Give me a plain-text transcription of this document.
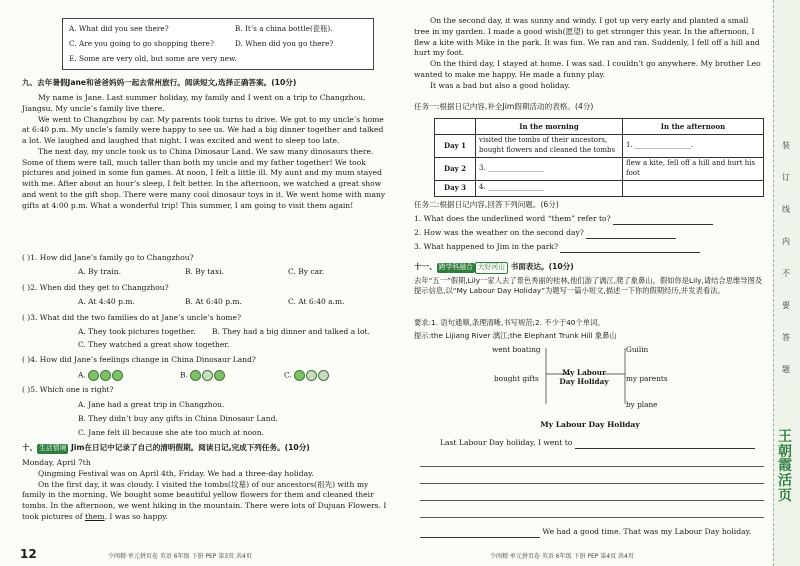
A. What did you see there?	B. It’s a china bottle(瓷瓶).
C. Are you going to go shopping there?	D. When did you go there?
E. Some are very old, but some are very new.
九、去年暑假Jane和爸爸妈妈一起去常州旅行。阅读短文,选择正确答案。(10分)

My name is Jane. Last summer holiday, my family and I went on a trip to Changzhou, Jiangsu. My uncle’s family live there.

We went to Changzhou by car. My parents took turns to drive. We got to my uncle’s home at 6:40 p.m. My uncle’s family were happy to see us. We had a big dinner together and talked a lot. We laughed and laughed that night. I was excited and went to sleep too late.

The next day, my uncle took us to China Dinosaur Land. We saw many dinosaurs there. Some of them were tall, much taller than both my uncle and my father together! We took pictures and joined in some fun games. At noon, I felt a little ill. My aunt and my mum stayed with me. After about an hour’s sleep, I felt better. In the afternoon, we watched a great show and went to the gift shop. There were many cool dinosaur toys in it. We went home with many gifts at 4:00 p.m. What a wonderful trip! This summer, I am going to visit them again!

( )1. How did Jane’s family go to Changzhou?
A. By train.	B. By taxi.	C. By car.
( )2. When did they get to Changzhou?
A. At 4:40 p.m.	B. At 6:40 p.m.	C. At 6:40 a.m.
( )3. What did the two families do at Jane’s uncle’s home?
A. They took pictures together. B. They had a big dinner and talked a lot.
C. They watched a great show together.
( )4. How did Jane’s feelings change in China Dinosaur Land?
A.	B.	C.
( )5. Which one is right?
A. Jane had a great trip in Changzhou.
B. They didn’t buy any gifts in China Dinosaur Land.
C. Jane felt ill because she ate too much at noon.
十、 生活情境 Jim在日记中记录了自己的清明假期。阅读日记,完成下列任务。(10分)

Monday, April 7th

Qingming Festival was on April 4th, Friday. We had a three-day holiday.

On the first day, it was cloudy. I visited the tombs(坟墓) of our ancestors(祖先) with my family in the morning. We bought some beautiful yellow flowers for them and cleaned their tombs. In the afternoon, we went hiking in the mountain. There were lots of Dujuan Flowers. I took pictures of them. I was so happy.

12	少闯精·单元拼页卷 英语 6年级 下册 PEP 第3页 共4页

On the second day, it was sunny and windy. I got up very early and planted a small tree in my garden. I made a good wish(愿望) to get stronger this year. In the afternoon, I flew a kite with Mike in the park. It was fun. We ran and ran. Suddenly, I fell off a hill and hurt my foot.

On the third day, I stayed at home. I was sad. I couldn’t go anywhere. My brother Leo wanted to make me happy. He made a funny play.

It was a bad but also a good holiday.

任务一:根据日记内容,补全Jim假期活动的表格。(4分)
	In the morning	In the afternoon
Day 1	visited the tombs of their ancestors, bought flowers and cleaned the tombs	1. ________________.
Day 2	3. ________________	flew a kite, fell off a hill and hurt his foot
Day 3	4. ________________	
任务二:根据日记内容,回答下列问题。(6分)
1. What does the underlined word “them” refer to?
2. How was the weather on the second day?
3. What happened to Jim in the park?
十一、 跨学科融合 大好河山 书面表达。(10分)
去年“五一”假期,Lily一家人去了景色秀丽的桂林,他们游了漓江,爬了象鼻山。假如你是Lily,请结合思维导图及提示信息,以“My Labour Day Holiday”为题写一篇小短文,描述一下你的假期经历,并发表看法。
要求:1. 语句通顺,条理清晰,书写规范;2. 不少于40个单词。
提示:the Lijiang River 漓江;the Elephant Trunk Hill 象鼻山
went boating	Guilin
My Labour Day Holiday
bought gifts	my parents
by plane
My Labour Day Holiday
Last Labour Day holiday, I went to
We had a good time. That was my Labour Day holiday.
少闯精·单元拼页卷 英语 6年级 下册 PEP 第4页 共4页
装
订
线
内
不
要
答
题
王朝霞活页
